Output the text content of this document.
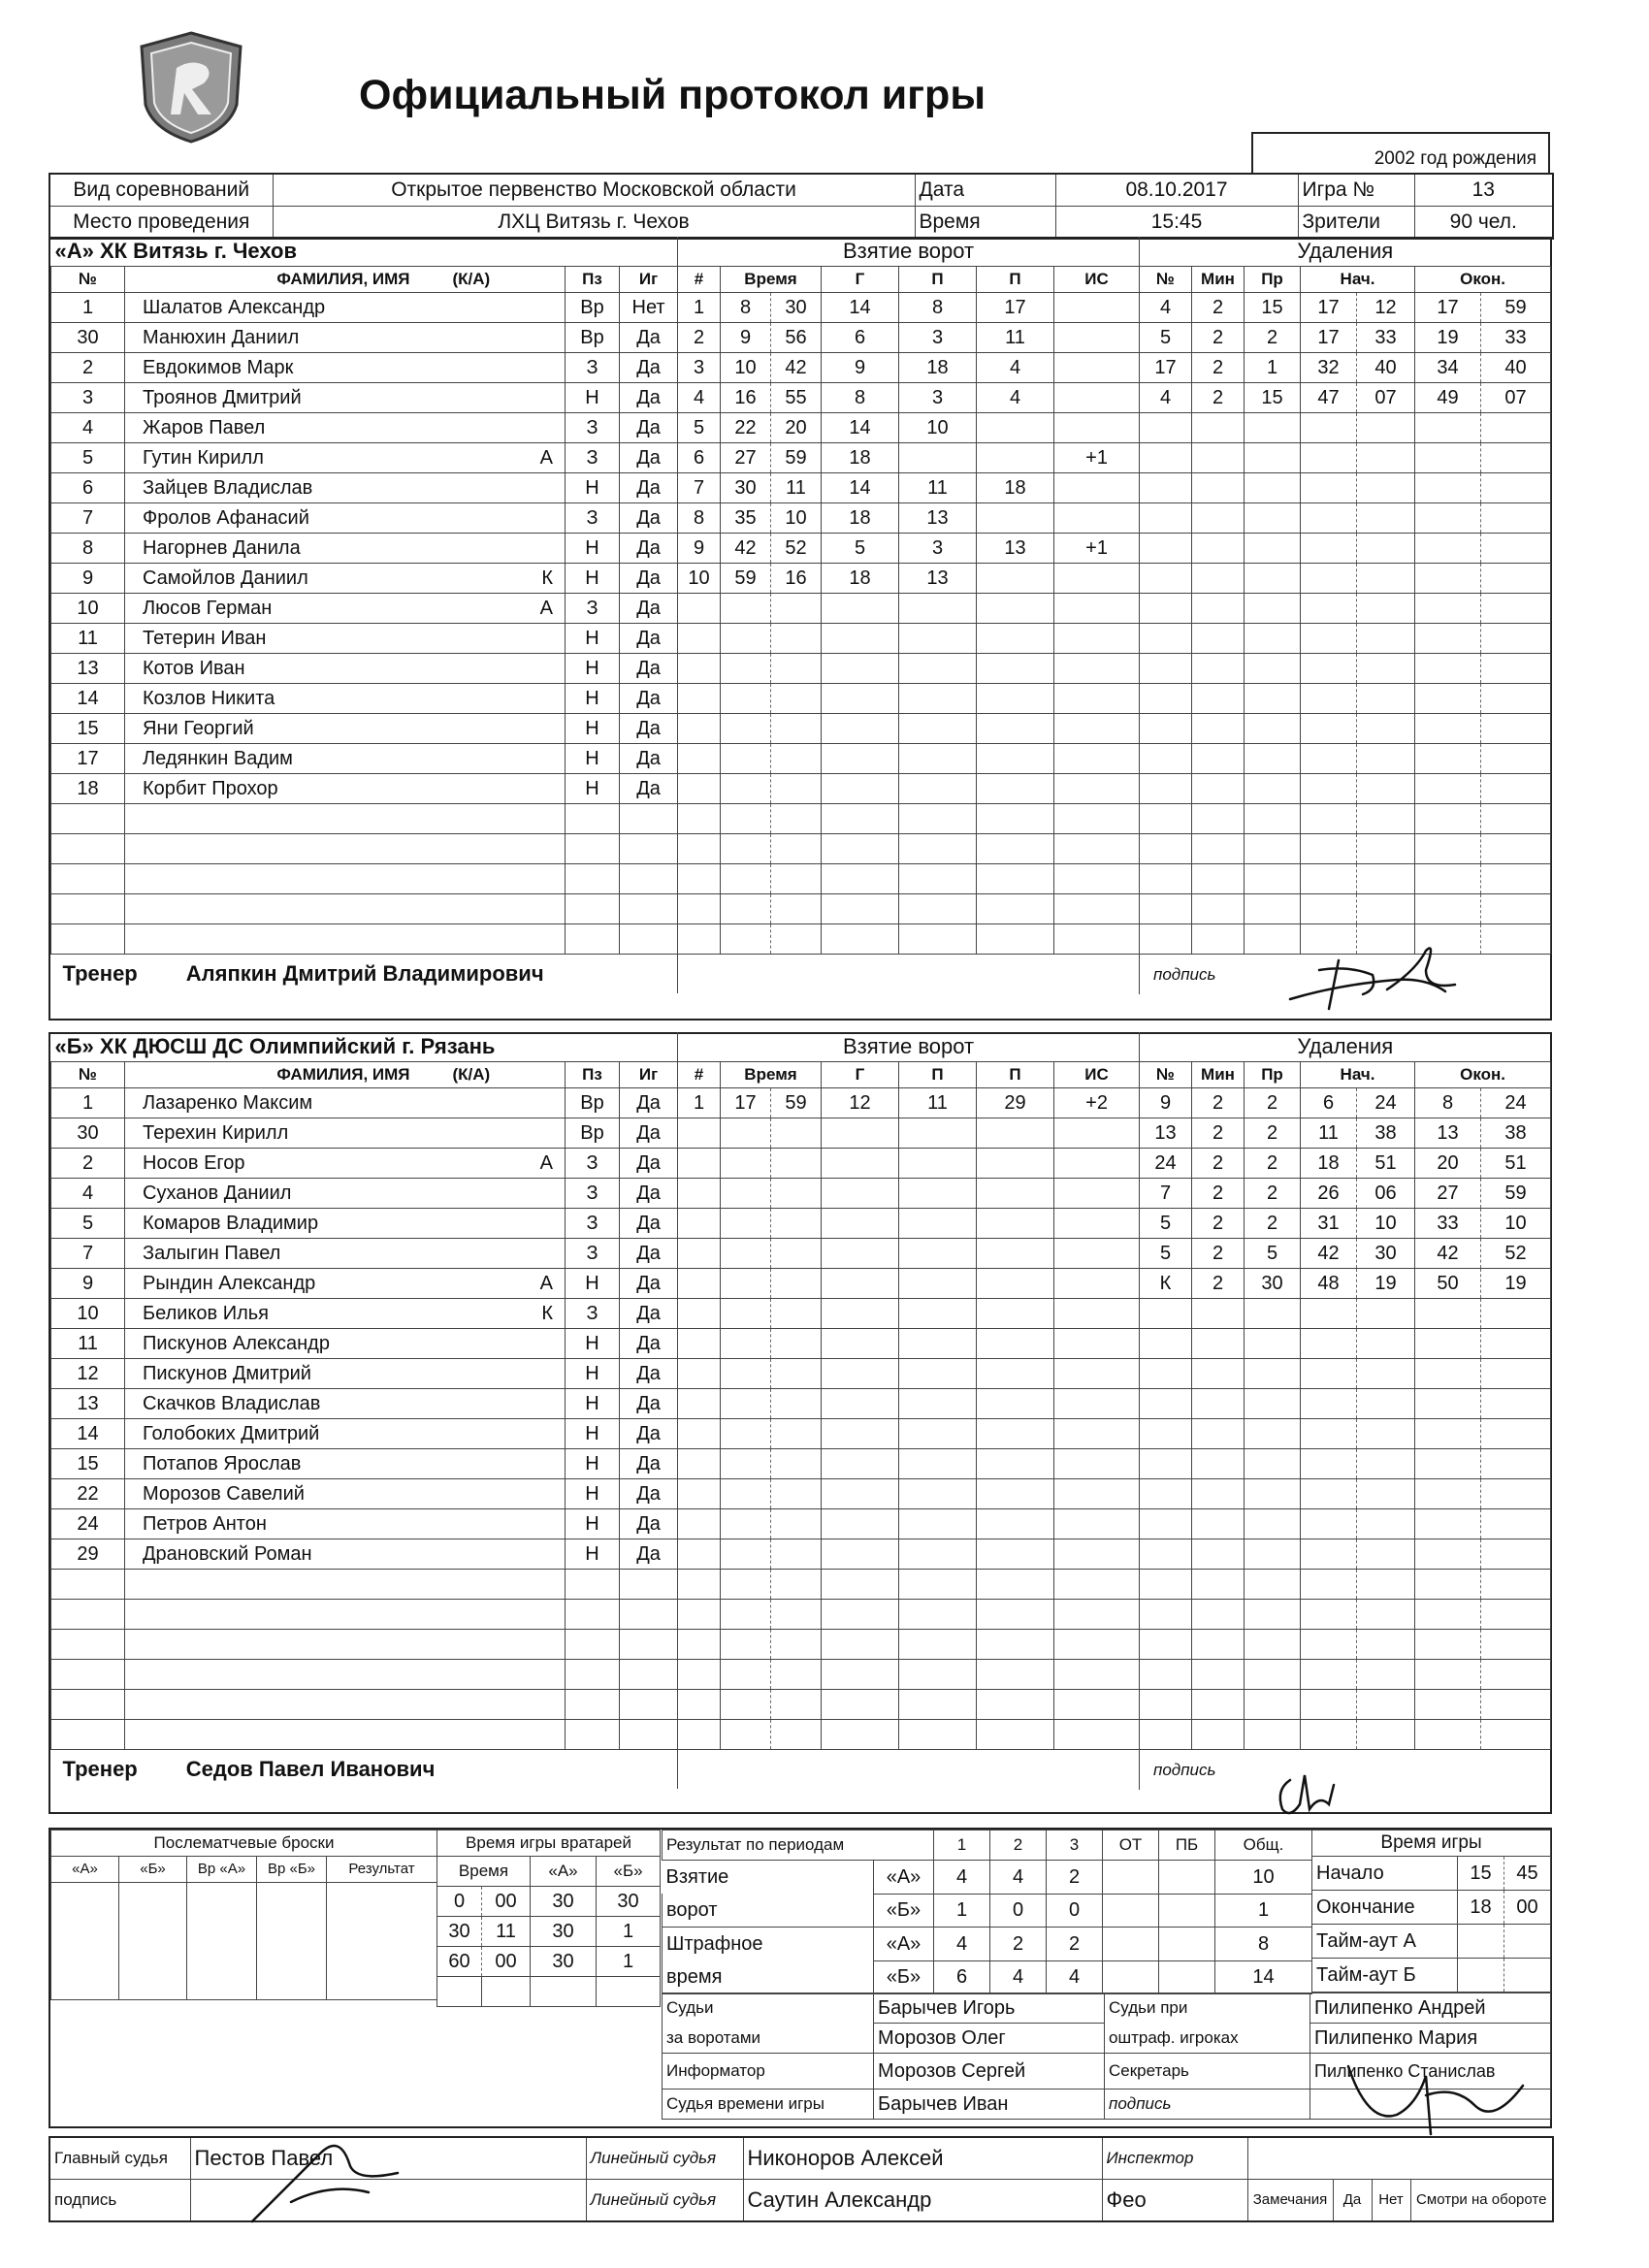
Официальный протокол игры
2002 год рождения
Вид соревнований	Открытое первенство Московской области	Дата	08.10.2017	Игра №	13
Место проведения	ЛХЦ Витязь г. Чехов	Время	15:45	Зрители	90 чел.
«А» ХК Витязь г. Чехов				
№	ФАМИЛИЯ, ИМЯ	(К/А)	Пз	Иг
1	Шалатов Александр		Вр	Нет
30	Манюхин Даниил		Вр	Да
2	Евдокимов Марк		З	Да
3	Троянов Дмитрий		Н	Да
4	Жаров Павел		З	Да
5	Гутин Кирилл	А	З	Да
6	Зайцев Владислав		Н	Да
7	Фролов Афанасий		З	Да
8	Нагорнев Данила		Н	Да
9	Самойлов Даниил	К	Н	Да
10	Люсов Герман	А	З	Да
11	Тетерин Иван		Н	Да
13	Котов Иван		Н	Да
14	Козлов Никита		Н	Да
15	Яни Георгий		Н	Да
17	Ледянкин Вадим		Н	Да
18	Корбит Прохор		Н	Да

Тренер Аляпкин Дмитрий Владимирович				
Взятие ворот						
#	Время		Г	П	П	ИС
1	8	30	14	8	17	
2	9	56	6	3	11	
3	10	42	9	18	4	
4	16	55	8	3	4	
5	22	20	14	10		
6	27	59	18			+1
7	30	11	14	11	18	
8	35	10	18	13		
9	42	52	5	3	13	+1
10	59	16	18	13		

Удаления						
№	Мин	Пр	Нач.		Окон.	
4	2	15	17	12	17	59
5	2	2	17	33	19	33
17	2	1	32	40	34	40
4	2	15	47	07	49	07

подпись						
«Б» ХК ДЮСШ ДС Олимпийский г. Рязань				
№	ФАМИЛИЯ, ИМЯ	(К/А)	Пз	Иг
1	Лазаренко Максим		Вр	Да
30	Терехин Кирилл		Вр	Да
2	Носов Егор	А	З	Да
4	Суханов Даниил		З	Да
5	Комаров Владимир		З	Да
7	Залыгин Павел		З	Да
9	Рындин Александр	А	Н	Да
10	Беликов Илья	К	З	Да
11	Пискунов Александр		Н	Да
12	Пискунов Дмитрий		Н	Да
13	Скачков Владислав		Н	Да
14	Голобоких Дмитрий		Н	Да
15	Потапов Ярослав		Н	Да
22	Морозов Савелий		Н	Да
24	Петров Антон		Н	Да
29	Драновский Роман		Н	Да

Тренер Седов Павел Иванович				
Взятие ворот						
#	Время		Г	П	П	ИС
1	17	59	12	11	29	+2

Удаления						
№	Мин	Пр	Нач.		Окон.	
9	2	2	6	24	8	24
13	2	2	11	38	13	38
24	2	2	18	51	20	51
7	2	2	26	06	27	59
5	2	2	31	10	33	10
5	2	5	42	30	42	52
К	2	30	48	19	50	19

подпись						
Послематчевые броски				
«А»	«Б»	Вр «А»	Вр «Б»	Результат

Время игры вратарей			
Время		«А»	«Б»
0	00	30	30
30	11	30	1
60	00	30	1

Результат по периодам		1	2	3	ОТ	ПБ	Общ.
Взятие	«А»	4	4	2			10
ворот	«Б»	1	0	0			1
Штрафное	«А»	4	2	2			8
время	«Б»	6	4	4			14
Время игры		
Начало	15	45
Окончание	18	00
Тайм-аут А		
Тайм-аут Б		
Судьи	Барычев Игорь	Судьи при	Пилипенко Андрей
за воротами	Морозов Олег	оштраф. игроках	Пилипенко Мария
Информатор	Морозов Сергей	Секретарь	Пилипенко Станислав
Судья времени игры	Барычев Иван	подпись	
Главный судья	Пестов Павел	Линейный судья	Никоноров Алексей	Инспектор				
подпись		Линейный судья	Саутин Александр	Фео	Замечания	Да	Нет	Смотри на обороте
